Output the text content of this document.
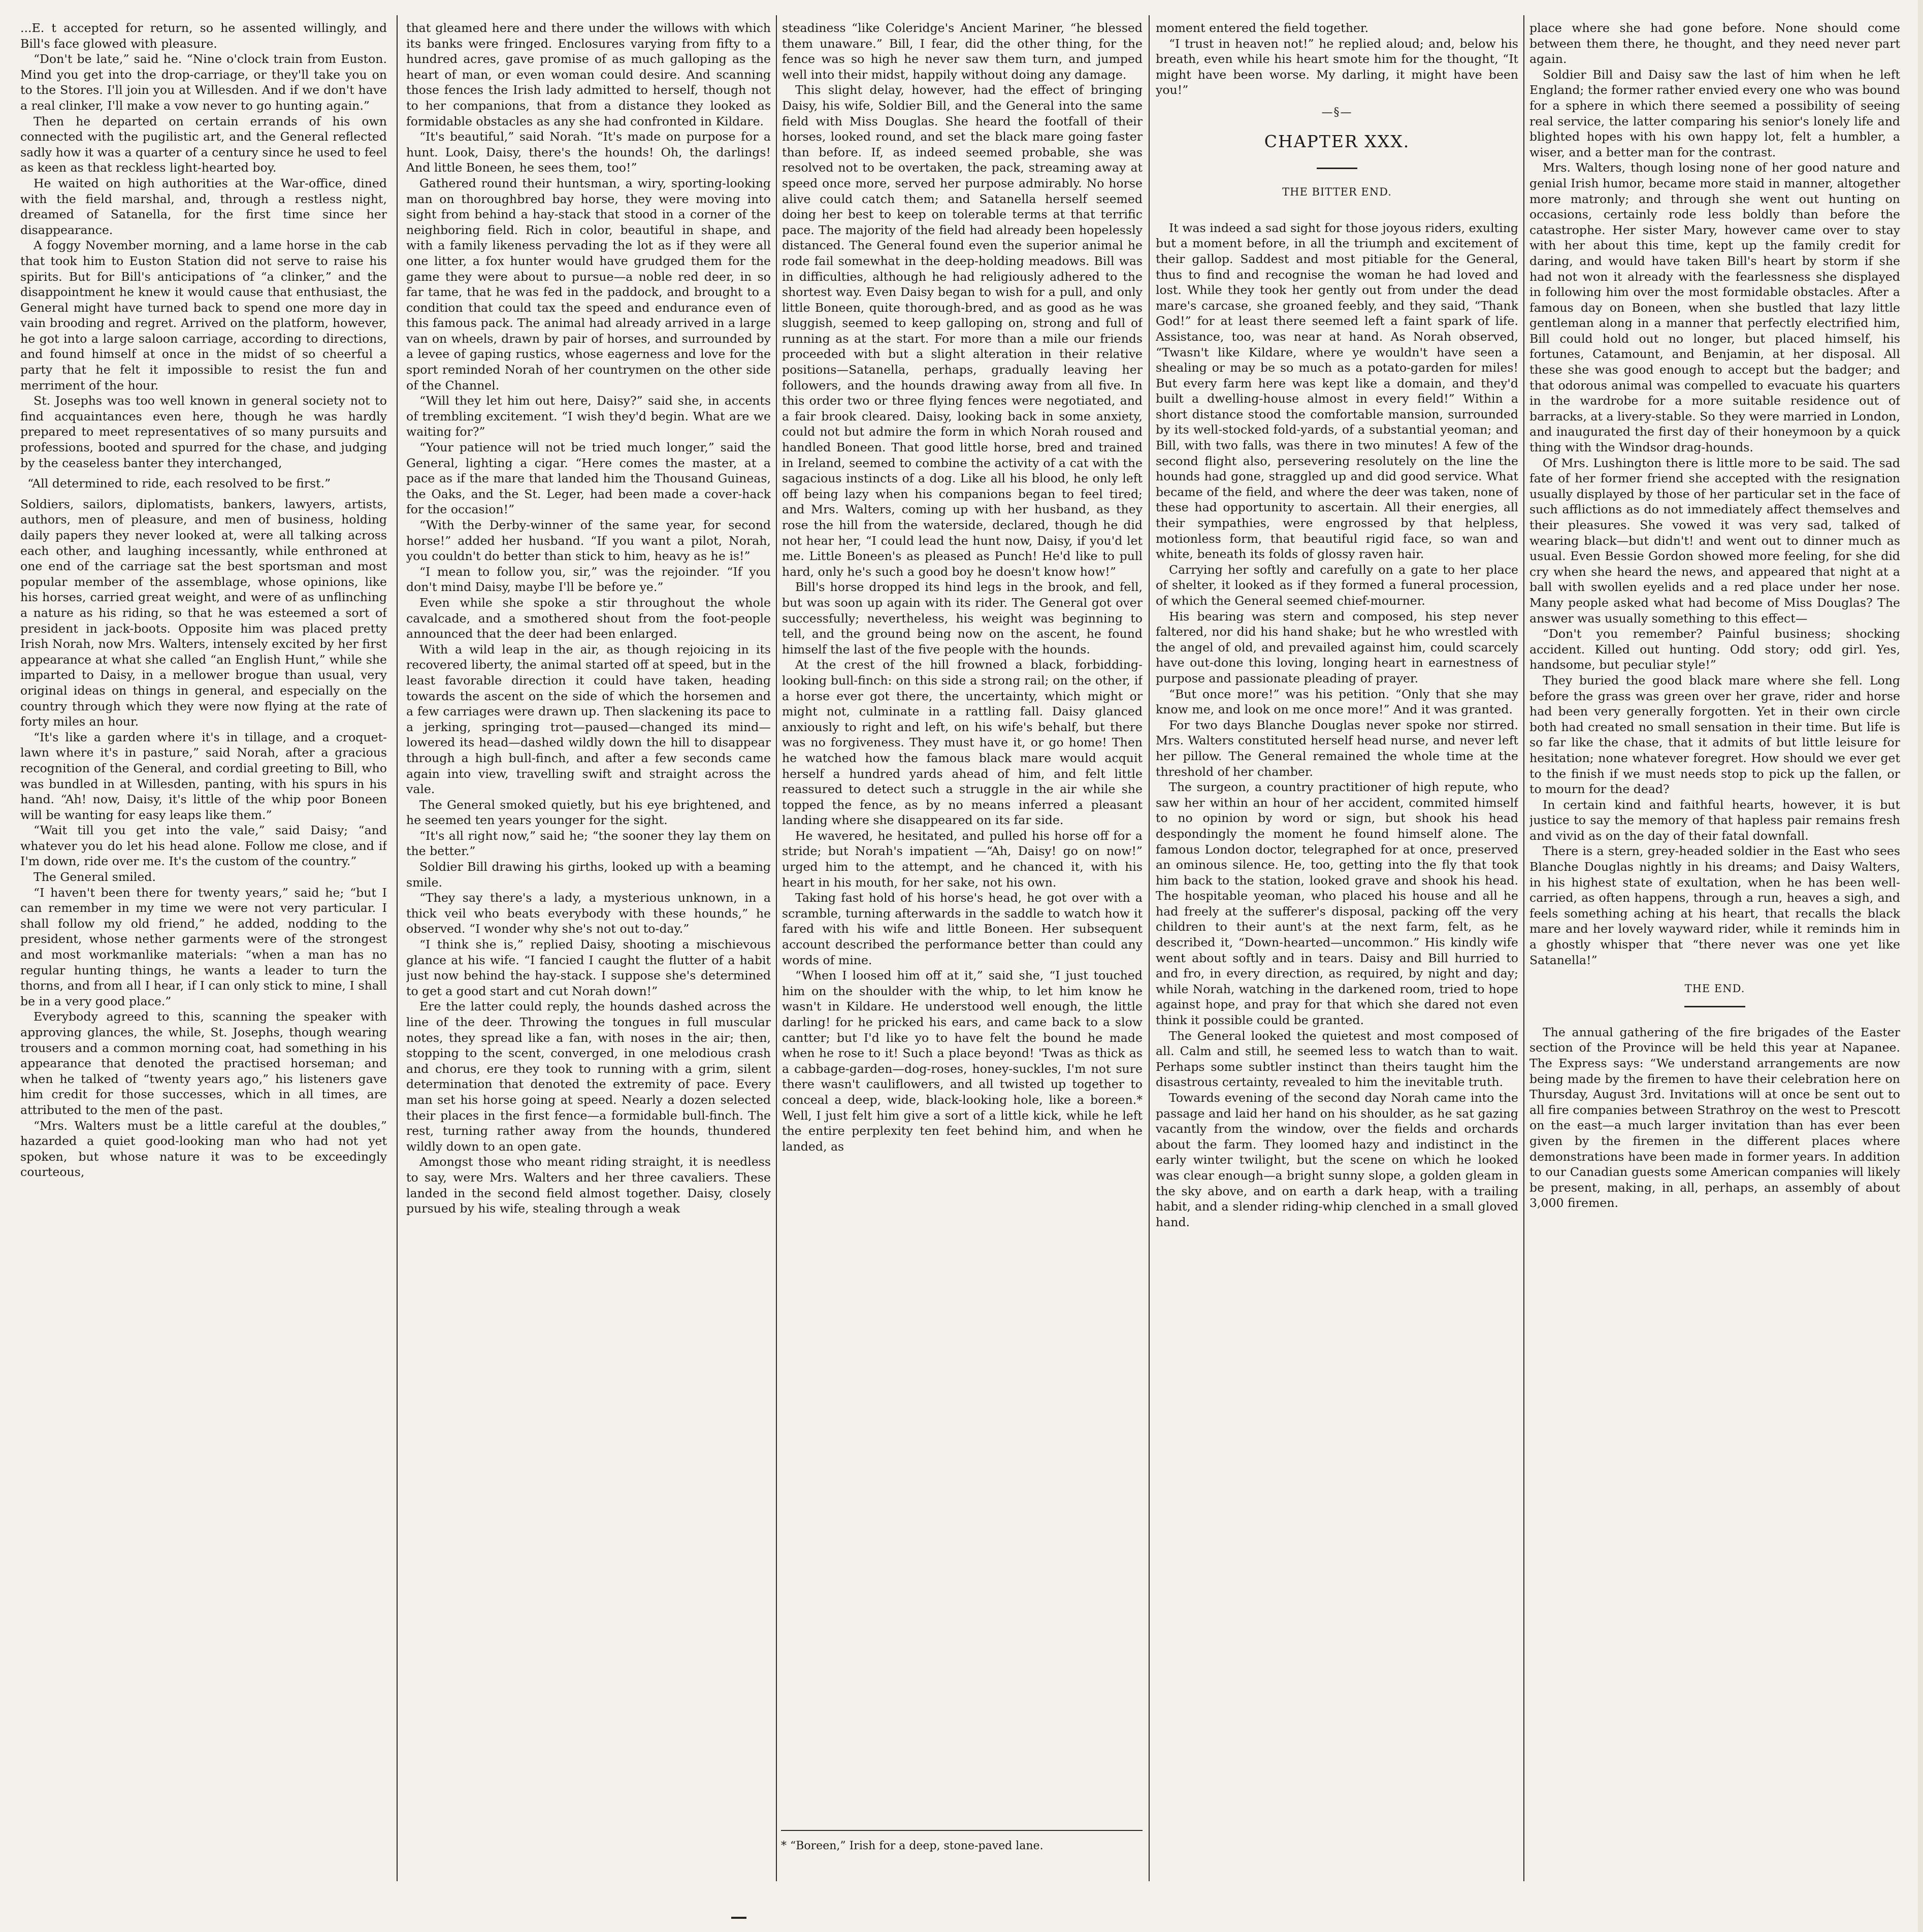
...E. t accepted for return, so he assented willingly, and Bill's face glowed with pleasure.

“Don't be late,” said he. “Nine o'clock train from Euston. Mind you get into the drop-carriage, or they'll take you on to the Stores. I'll join you at Willesden. And if we don't have a real clinker, I'll make a vow never to go hunting again.”

Then he departed on certain errands of his own connected with the pugilistic art, and the General reflected sadly how it was a quarter of a century since he used to feel as keen as that reckless light-hearted boy.

He waited on high authorities at the War-office, dined with the field marshal, and, through a restless night, dreamed of Satanella, for the first time since her disappearance.

A foggy November morning, and a lame horse in the cab that took him to Euston Station did not serve to raise his spirits. But for Bill's anticipations of “a clinker,” and the disappointment he knew it would cause that enthusiast, the General might have turned back to spend one more day in vain brooding and regret. Arrived on the platform, however, he got into a large saloon carriage, according to directions, and found himself at once in the midst of so cheerful a party that he felt it impossible to resist the fun and merriment of the hour.

St. Josephs was too well known in general society not to find acquaintances even here, though he was hardly prepared to meet representatives of so many pursuits and professions, booted and spurred for the chase, and judging by the ceaseless banter they interchanged,

“All determined to ride, each resolved to be first.”

Soldiers, sailors, diplomatists, bankers, lawyers, artists, authors, men of pleasure, and men of business, holding daily papers they never looked at, were all talking across each other, and laughing incessantly, while enthroned at one end of the carriage sat the best sportsman and most popular member of the assemblage, whose opinions, like his horses, carried great weight, and were of as unflinching a nature as his riding, so that he was esteemed a sort of president in jack-boots. Opposite him was placed pretty Irish Norah, now Mrs. Walters, intensely excited by her first appearance at what she called “an English Hunt,” while she imparted to Daisy, in a mellower brogue than usual, very original ideas on things in general, and especially on the country through which they were now flying at the rate of forty miles an hour.

“It's like a garden where it's in tillage, and a croquet-lawn where it's in pasture,” said Norah, after a gracious recognition of the General, and cordial greeting to Bill, who was bundled in at Willesden, panting, with his spurs in his hand. “Ah! now, Daisy, it's little of the whip poor Boneen will be wanting for easy leaps like them.”

“Wait till you get into the vale,” said Daisy; “and whatever you do let his head alone. Follow me close, and if I'm down, ride over me. It's the custom of the country.”

The General smiled.

“I haven't been there for twenty years,” said he; “but I can remember in my time we were not very particular. I shall follow my old friend,” he added, nodding to the president, whose nether garments were of the strongest and most workmanlike materials: “when a man has no regular hunting things, he wants a leader to turn the thorns, and from all I hear, if I can only stick to mine, I shall be in a very good place.”

Everybody agreed to this, scanning the speaker with approving glances, the while, St. Josephs, though wearing trousers and a common morning coat, had something in his appearance that denoted the practised horseman; and when he talked of “twenty years ago,” his listeners gave him credit for those successes, which in all times, are attributed to the men of the past.

“Mrs. Walters must be a little careful at the doubles,” hazarded a quiet good-looking man who had not yet spoken, but whose nature it was to be exceedingly courteous,

that gleamed here and there under the willows with which its banks were fringed. Enclosures varying from fifty to a hundred acres, gave promise of as much galloping as the heart of man, or even woman could desire. And scanning those fences the Irish lady admitted to herself, though not to her companions, that from a distance they looked as formidable obstacles as any she had confronted in Kildare.

“It's beautiful,” said Norah. “It's made on purpose for a hunt. Look, Daisy, there's the hounds! Oh, the darlings! And little Boneen, he sees them, too!”

Gathered round their huntsman, a wiry, sporting-looking man on thoroughbred bay horse, they were moving into sight from behind a hay-stack that stood in a corner of the neighboring field. Rich in color, beautiful in shape, and with a family likeness pervading the lot as if they were all one litter, a fox hunter would have grudged them for the game they were about to pursue—a noble red deer, in so far tame, that he was fed in the paddock, and brought to a condition that could tax the speed and endurance even of this famous pack. The animal had already arrived in a large van on wheels, drawn by pair of horses, and surrounded by a levee of gaping rustics, whose eagerness and love for the sport reminded Norah of her countrymen on the other side of the Channel.

“Will they let him out here, Daisy?” said she, in accents of trembling excitement. “I wish they'd begin. What are we waiting for?”

“Your patience will not be tried much longer,” said the General, lighting a cigar. “Here comes the master, at a pace as if the mare that landed him the Thousand Guineas, the Oaks, and the St. Leger, had been made a cover-hack for the occasion!”

“With the Derby-winner of the same year, for second horse!” added her husband. “If you want a pilot, Norah, you couldn't do better than stick to him, heavy as he is!”

“I mean to follow you, sir,” was the rejoinder. “If you don't mind Daisy, maybe I'll be before ye.”

Even while she spoke a stir throughout the whole cavalcade, and a smothered shout from the foot-people announced that the deer had been enlarged.

With a wild leap in the air, as though rejoicing in its recovered liberty, the animal started off at speed, but in the least favorable direction it could have taken, heading towards the ascent on the side of which the horsemen and a few carriages were drawn up. Then slackening its pace to a jerking, springing trot—paused—changed its mind—lowered its head—dashed wildly down the hill to disappear through a high bull-finch, and after a few seconds came again into view, travelling swift and straight across the vale.

The General smoked quietly, but his eye brightened, and he seemed ten years younger for the sight.

“It's all right now,” said he; “the sooner they lay them on the better.”

Soldier Bill drawing his girths, looked up with a beaming smile.

“They say there's a lady, a mysterious unknown, in a thick veil who beats everybody with these hounds,” he observed. “I wonder why she's not out to-day.”

“I think she is,” replied Daisy, shooting a mischievous glance at his wife. “I fancied I caught the flutter of a habit just now behind the hay-stack. I suppose she's determined to get a good start and cut Norah down!”

Ere the latter could reply, the hounds dashed across the line of the deer. Throwing the tongues in full muscular notes, they spread like a fan, with noses in the air; then, stopping to the scent, converged, in one melodious crash and chorus, ere they took to running with a grim, silent determination that denoted the extremity of pace. Every man set his horse going at speed. Nearly a dozen selected their places in the first fence—a formidable bull-finch. The rest, turning rather away from the hounds, thundered wildly down to an open gate.

Amongst those who meant riding straight, it is needless to say, were Mrs. Walters and her three cavaliers. These landed in the second field almost together. Daisy, closely pursued by his wife, stealing through a weak

steadiness “like Coleridge's Ancient Mariner, “he blessed them unaware.” Bill, I fear, did the other thing, for the fence was so high he never saw them turn, and jumped well into their midst, happily without doing any damage.

This slight delay, however, had the effect of bringing Daisy, his wife, Soldier Bill, and the General into the same field with Miss Douglas. She heard the footfall of their horses, looked round, and set the black mare going faster than before. If, as indeed seemed probable, she was resolved not to be overtaken, the pack, streaming away at speed once more, served her purpose admirably. No horse alive could catch them; and Satanella herself seemed doing her best to keep on tolerable terms at that terrific pace. The majority of the field had already been hopelessly distanced. The General found even the superior animal he rode fail somewhat in the deep-holding meadows. Bill was in difficulties, although he had religiously adhered to the shortest way. Even Daisy began to wish for a pull, and only little Boneen, quite thorough-bred, and as good as he was sluggish, seemed to keep galloping on, strong and full of running as at the start. For more than a mile our friends proceeded with but a slight alteration in their relative positions—Satanella, perhaps, gradually leaving her followers, and the hounds drawing away from all five. In this order two or three flying fences were negotiated, and a fair brook cleared. Daisy, looking back in some anxiety, could not but admire the form in which Norah roused and handled Boneen. That good little horse, bred and trained in Ireland, seemed to combine the activity of a cat with the sagacious instincts of a dog. Like all his blood, he only left off being lazy when his companions began to feel tired; and Mrs. Walters, coming up with her husband, as they rose the hill from the waterside, declared, though he did not hear her, “I could lead the hunt now, Daisy, if you'd let me. Little Boneen's as pleased as Punch! He'd like to pull hard, only he's such a good boy he doesn't know how!”

Bill's horse dropped its hind legs in the brook, and fell, but was soon up again with its rider. The General got over successfully; nevertheless, his weight was beginning to tell, and the ground being now on the ascent, he found himself the last of the five people with the hounds.

At the crest of the hill frowned a black, forbidding-looking bull-finch: on this side a strong rail; on the other, if a horse ever got there, the uncertainty, which might or might not, culminate in a rattling fall. Daisy glanced anxiously to right and left, on his wife's behalf, but there was no forgiveness. They must have it, or go home! Then he watched how the famous black mare would acquit herself a hundred yards ahead of him, and felt little reassured to detect such a struggle in the air while she topped the fence, as by no means inferred a pleasant landing where she disappeared on its far side.

He wavered, he hesitated, and pulled his horse off for a stride; but Norah's impatient —“Ah, Daisy! go on now!” urged him to the attempt, and he chanced it, with his heart in his mouth, for her sake, not his own.

Taking fast hold of his horse's head, he got over with a scramble, turning afterwards in the saddle to watch how it fared with his wife and little Boneen. Her subsequent account described the performance better than could any words of mine.

“When I loosed him off at it,” said she, “I just touched him on the shoulder with the whip, to let him know he wasn't in Kildare. He understood well enough, the little darling! for he pricked his ears, and came back to a slow cantter; but I'd like yo to have felt the bound he made when he rose to it! Such a place beyond! 'Twas as thick as a cabbage-garden—dog-roses, honey-suckles, I'm not sure there wasn't cauliflowers, and all twisted up together to conceal a deep, wide, black-looking hole, like a boreen.* Well, I just felt him give a sort of a little kick, while he left the entire perplexity ten feet behind him, and when he landed, as

moment entered the field together.

“I trust in heaven not!” he replied aloud; and, below his breath, even while his heart smote him for the thought, “It might have been worse. My darling, it might have been you!”

—§—
CHAPTER XXX.
THE BITTER END.

It was indeed a sad sight for those joyous riders, exulting but a moment before, in all the triumph and excitement of their gallop. Saddest and most pitiable for the General, thus to find and recognise the woman he had loved and lost. While they took her gently out from under the dead mare's carcase, she groaned feebly, and they said, “Thank God!” for at least there seemed left a faint spark of life. Assistance, too, was near at hand. As Norah observed, “Twasn't like Kildare, where ye wouldn't have seen a shealing or may be so much as a potato-garden for miles! But every farm here was kept like a domain, and they'd built a dwelling-house almost in every field!” Within a short distance stood the comfortable mansion, surrounded by its well-stocked fold-yards, of a substantial yeoman; and Bill, with two falls, was there in two minutes! A few of the second flight also, persevering resolutely on the line the hounds had gone, straggled up and did good service. What became of the field, and where the deer was taken, none of these had opportunity to ascertain. All their energies, all their sympathies, were engrossed by that helpless, motionless form, that beautiful rigid face, so wan and white, beneath its folds of glossy raven hair.

Carrying her softly and carefully on a gate to her place of shelter, it looked as if they formed a funeral procession, of which the General seemed chief-mourner.

His bearing was stern and composed, his step never faltered, nor did his hand shake; but he who wrestled with the angel of old, and prevailed against him, could scarcely have out-done this loving, longing heart in earnestness of purpose and passionate pleading of prayer.

“But once more!” was his petition. “Only that she may know me, and look on me once more!” And it was granted.

For two days Blanche Douglas never spoke nor stirred. Mrs. Walters constituted herself head nurse, and never left her pillow. The General remained the whole time at the threshold of her chamber.

The surgeon, a country practitioner of high repute, who saw her within an hour of her accident, commited himself to no opinion by word or sign, but shook his head despondingly the moment he found himself alone. The famous London doctor, telegraphed for at once, preserved an ominous silence. He, too, getting into the fly that took him back to the station, looked grave and shook his head. The hospitable yeoman, who placed his house and all he had freely at the sufferer's disposal, packing off the very children to their aunt's at the next farm, felt, as he described it, “Down-hearted—uncommon.” His kindly wife went about softly and in tears. Daisy and Bill hurried to and fro, in every direction, as required, by night and day; while Norah, watching in the darkened room, tried to hope against hope, and pray for that which she dared not even think it possible could be granted.

The General looked the quietest and most composed of all. Calm and still, he seemed less to watch than to wait. Perhaps some subtler instinct than theirs taught him the disastrous certainty, revealed to him the inevitable truth.

Towards evening of the second day Norah came into the passage and laid her hand on his shoulder, as he sat gazing vacantly from the window, over the fields and orchards about the farm. They loomed hazy and indistinct in the early winter twilight, but the scene on which he looked was clear enough—a bright sunny slope, a golden gleam in the sky above, and on earth a dark heap, with a trailing habit, and a slender riding-whip clenched in a small gloved hand.

place where she had gone before. None should come between them there, he thought, and they need never part again.

Soldier Bill and Daisy saw the last of him when he left England; the former rather envied every one who was bound for a sphere in which there seemed a possibility of seeing real service, the latter comparing his senior's lonely life and blighted hopes with his own happy lot, felt a humbler, a wiser, and a better man for the contrast.

Mrs. Walters, though losing none of her good nature and genial Irish humor, became more staid in manner, altogether more matronly; and through she went out hunting on occasions, certainly rode less boldly than before the catastrophe. Her sister Mary, however came over to stay with her about this time, kept up the family credit for daring, and would have taken Bill's heart by storm if she had not won it already with the fearlessness she displayed in following him over the most formidable obstacles. After a famous day on Boneen, when she bustled that lazy little gentleman along in a manner that perfectly electrified him, Bill could hold out no longer, but placed himself, his fortunes, Catamount, and Benjamin, at her disposal. All these she was good enough to accept but the badger; and that odorous animal was compelled to evacuate his quarters in the wardrobe for a more suitable residence out of barracks, at a livery-stable. So they were married in London, and inaugurated the first day of their honeymoon by a quick thing with the Windsor drag-hounds.

Of Mrs. Lushington there is little more to be said. The sad fate of her former friend she accepted with the resignation usually displayed by those of her particular set in the face of such afflictions as do not immediately affect themselves and their pleasures. She vowed it was very sad, talked of wearing black—but didn't! and went out to dinner much as usual. Even Bessie Gordon showed more feeling, for she did cry when she heard the news, and appeared that night at a ball with swollen eyelids and a red place under her nose. Many people asked what had become of Miss Douglas? The answer was usually something to this effect—

“Don't you remember? Painful business; shocking accident. Killed out hunting. Odd story; odd girl. Yes, handsome, but peculiar style!”

They buried the good black mare where she fell. Long before the grass was green over her grave, rider and horse had been very generally forgotten. Yet in their own circle both had created no small sensation in their time. But life is so far like the chase, that it admits of but little leisure for hesitation; none whatever foregret. How should we ever get to the finish if we must needs stop to pick up the fallen, or to mourn for the dead?

In certain kind and faithful hearts, however, it is but justice to say the memory of that hapless pair remains fresh and vivid as on the day of their fatal downfall.

There is a stern, grey-headed soldier in the East who sees Blanche Douglas nightly in his dreams; and Daisy Walters, in his highest state of exultation, when he has been well-carried, as often happens, through a run, heaves a sigh, and feels something aching at his heart, that recalls the black mare and her lovely wayward rider, while it reminds him in a ghostly whisper that “there never was one yet like Satanella!”

THE END.

The annual gathering of the fire brigades of the Easter section of the Province will be held this year at Napanee. The Express says: “We understand arrangements are now being made by the firemen to have their celebration here on Thursday, August 3rd. Invitations will at once be sent out to all fire companies between Strathroy on the west to Prescott on the east—a much larger invitation than has ever been given by the firemen in the different places where demonstrations have been made in former years. In addition to our Canadian guests some American companies will likely be present, making, in all, perhaps, an assembly of about 3,000 firemen.

* “Boreen,” Irish for a deep, stone-paved lane.
